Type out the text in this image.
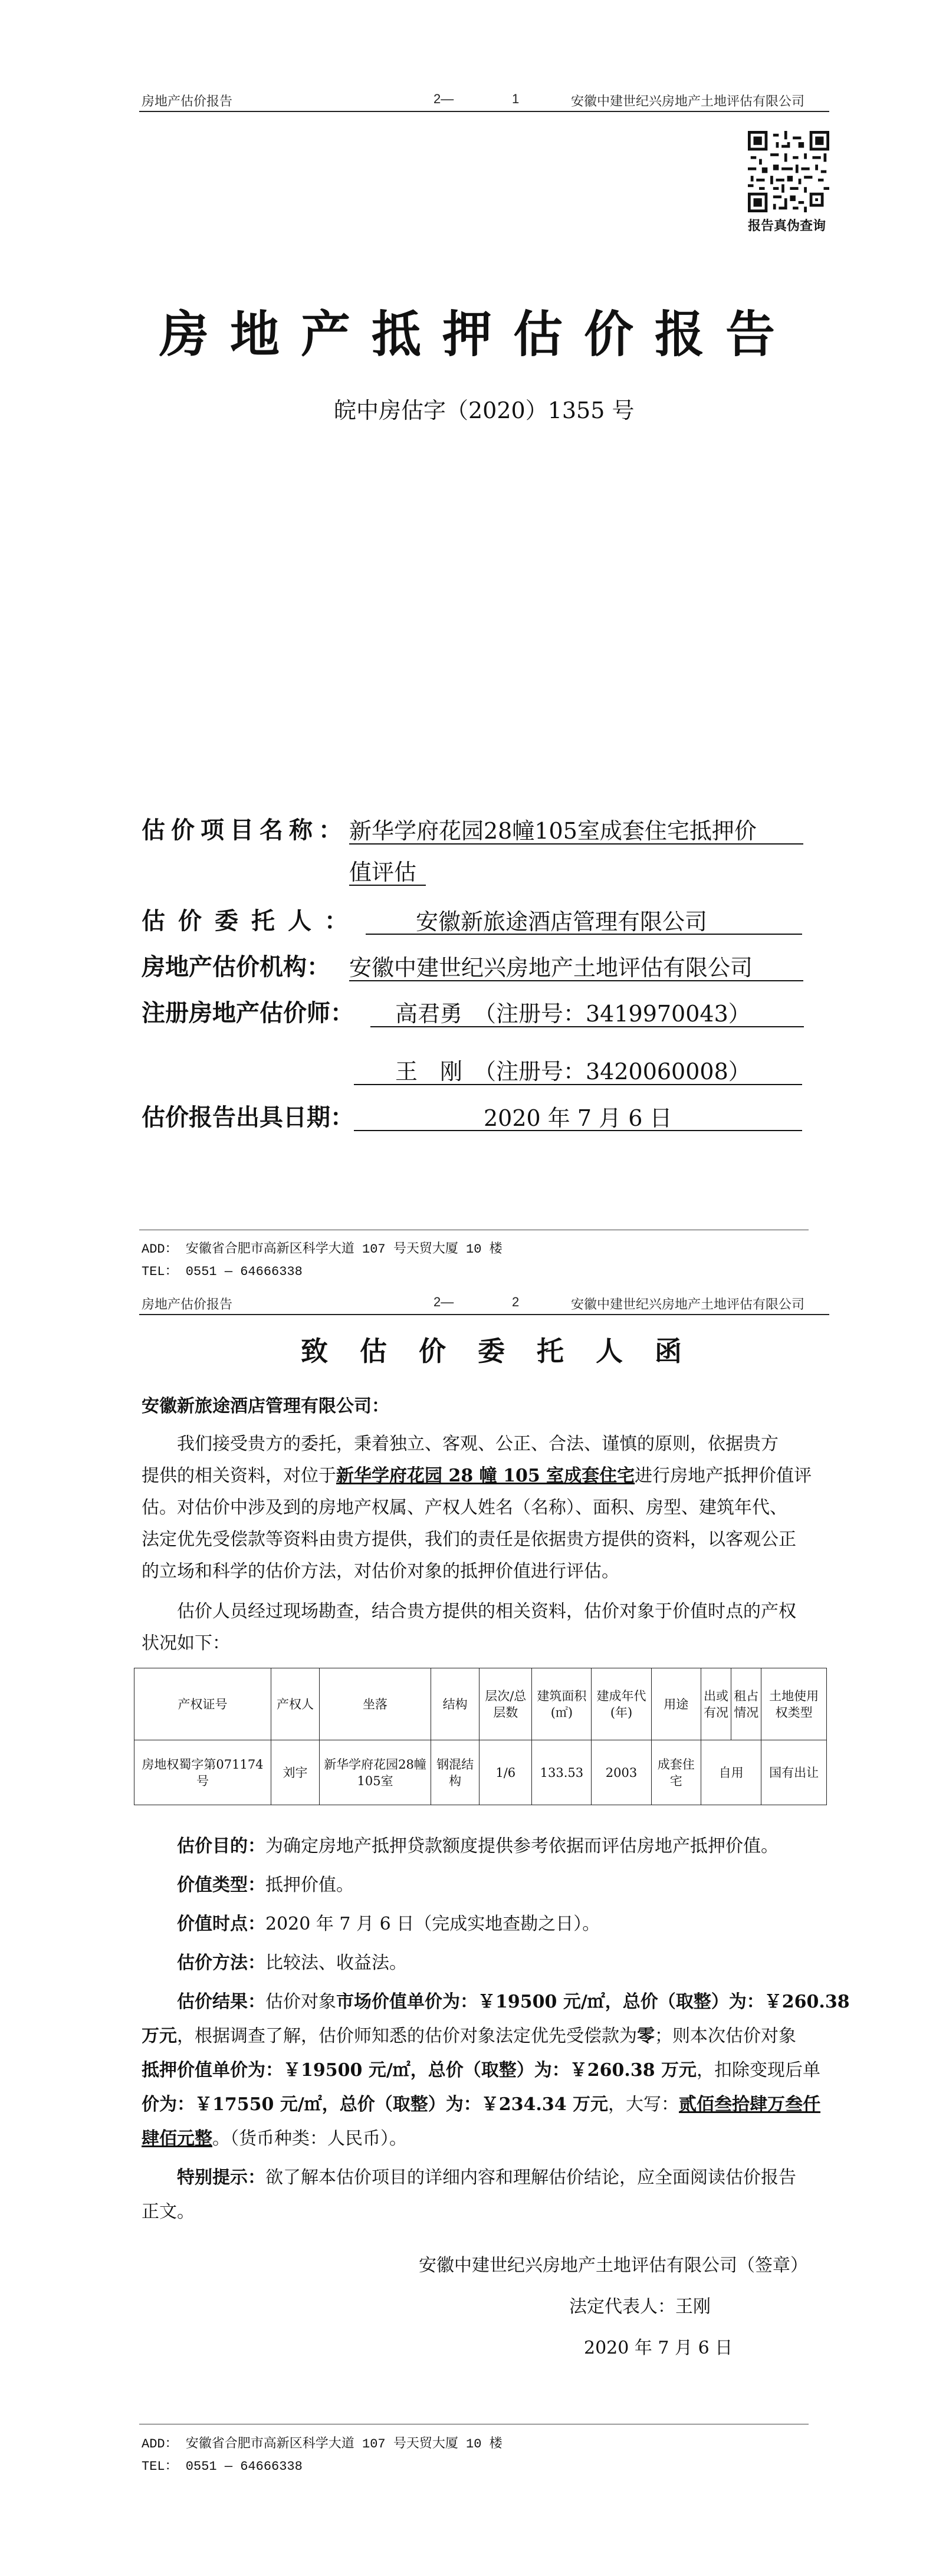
房地产估价报告	2—	1	安徽中建世纪兴房地产土地评估有限公司
报告真伪查询
房地产抵押估价报告
皖中房估字（2020）1355 号
估价项目名称： 新华学府花园28幢105室成套住宅抵押价
值评估
估价委托人： 安徽新旅途酒店管理有限公司
房地产估价机构： 安徽中建世纪兴房地产土地评估有限公司
注册房地产估价师： 高君勇　（注册号：3419970043）
王　刚　（注册号：3420060008）
估价报告出具日期：	2020 年 7 月 6 日
ADD： 安徽省合肥市高新区科学大道 107 号天贸大厦 10 楼
TEL： 0551 — 64666338
房地产估价报告	2—	2	安徽中建世纪兴房地产土地评估有限公司
致估价委托人函
安徽新旅途酒店管理有限公司：
我们接受贵方的委托，秉着独立、客观、公正、合法、谨慎的原则，依据贵方
提供的相关资料，对位于新华学府花园 28 幢 105 室成套住宅进行房地产抵押价值评
估。对估价中涉及到的房地产权属、产权人姓名（名称）、面积、房型、建筑年代、
法定优先受偿款等资料由贵方提供，我们的责任是依据贵方提供的资料，以客观公正
的立场和科学的估价方法，对估价对象的抵押价值进行评估。
估价人员经过现场勘查，结合贵方提供的相关资料，估价对象于价值时点的产权
状况如下：
产权证号	产权人	坐落	结构	层次/总层数	建筑面积(㎡)	建成年代(年)	用途	出或有况	租占情况	土地使用权类型
房地权蜀字第071174号	刘宇	新华学府花园28幢105室	钢混结构	1/6	133.53	2003	成套住宅	自用		国有出让
估价目的：为确定房地产抵押贷款额度提供参考依据而评估房地产抵押价值。
价值类型：抵押价值。
价值时点：2020 年 7 月 6 日（完成实地查勘之日）。
估价方法：比较法、收益法。
估价结果：估价对象市场价值单价为：￥19500 元/㎡，总价（取整）为：￥260.38
万元，根据调查了解，估价师知悉的估价对象法定优先受偿款为零；则本次估价对象
抵押价值单价为：￥19500 元/㎡，总价（取整）为：￥260.38 万元，扣除变现后单
价为：￥17550 元/㎡，总价（取整）为：￥234.34 万元，大写：贰佰叁拾肆万叁仟
肆佰元整。（货币种类：人民币）。
特别提示：欲了解本估价项目的详细内容和理解估价结论，应全面阅读估价报告
正文。
安徽中建世纪兴房地产土地评估有限公司（签章）
法定代表人：王刚
2020 年 7 月 6 日
ADD： 安徽省合肥市高新区科学大道 107 号天贸大厦 10 楼
TEL： 0551 — 64666338
